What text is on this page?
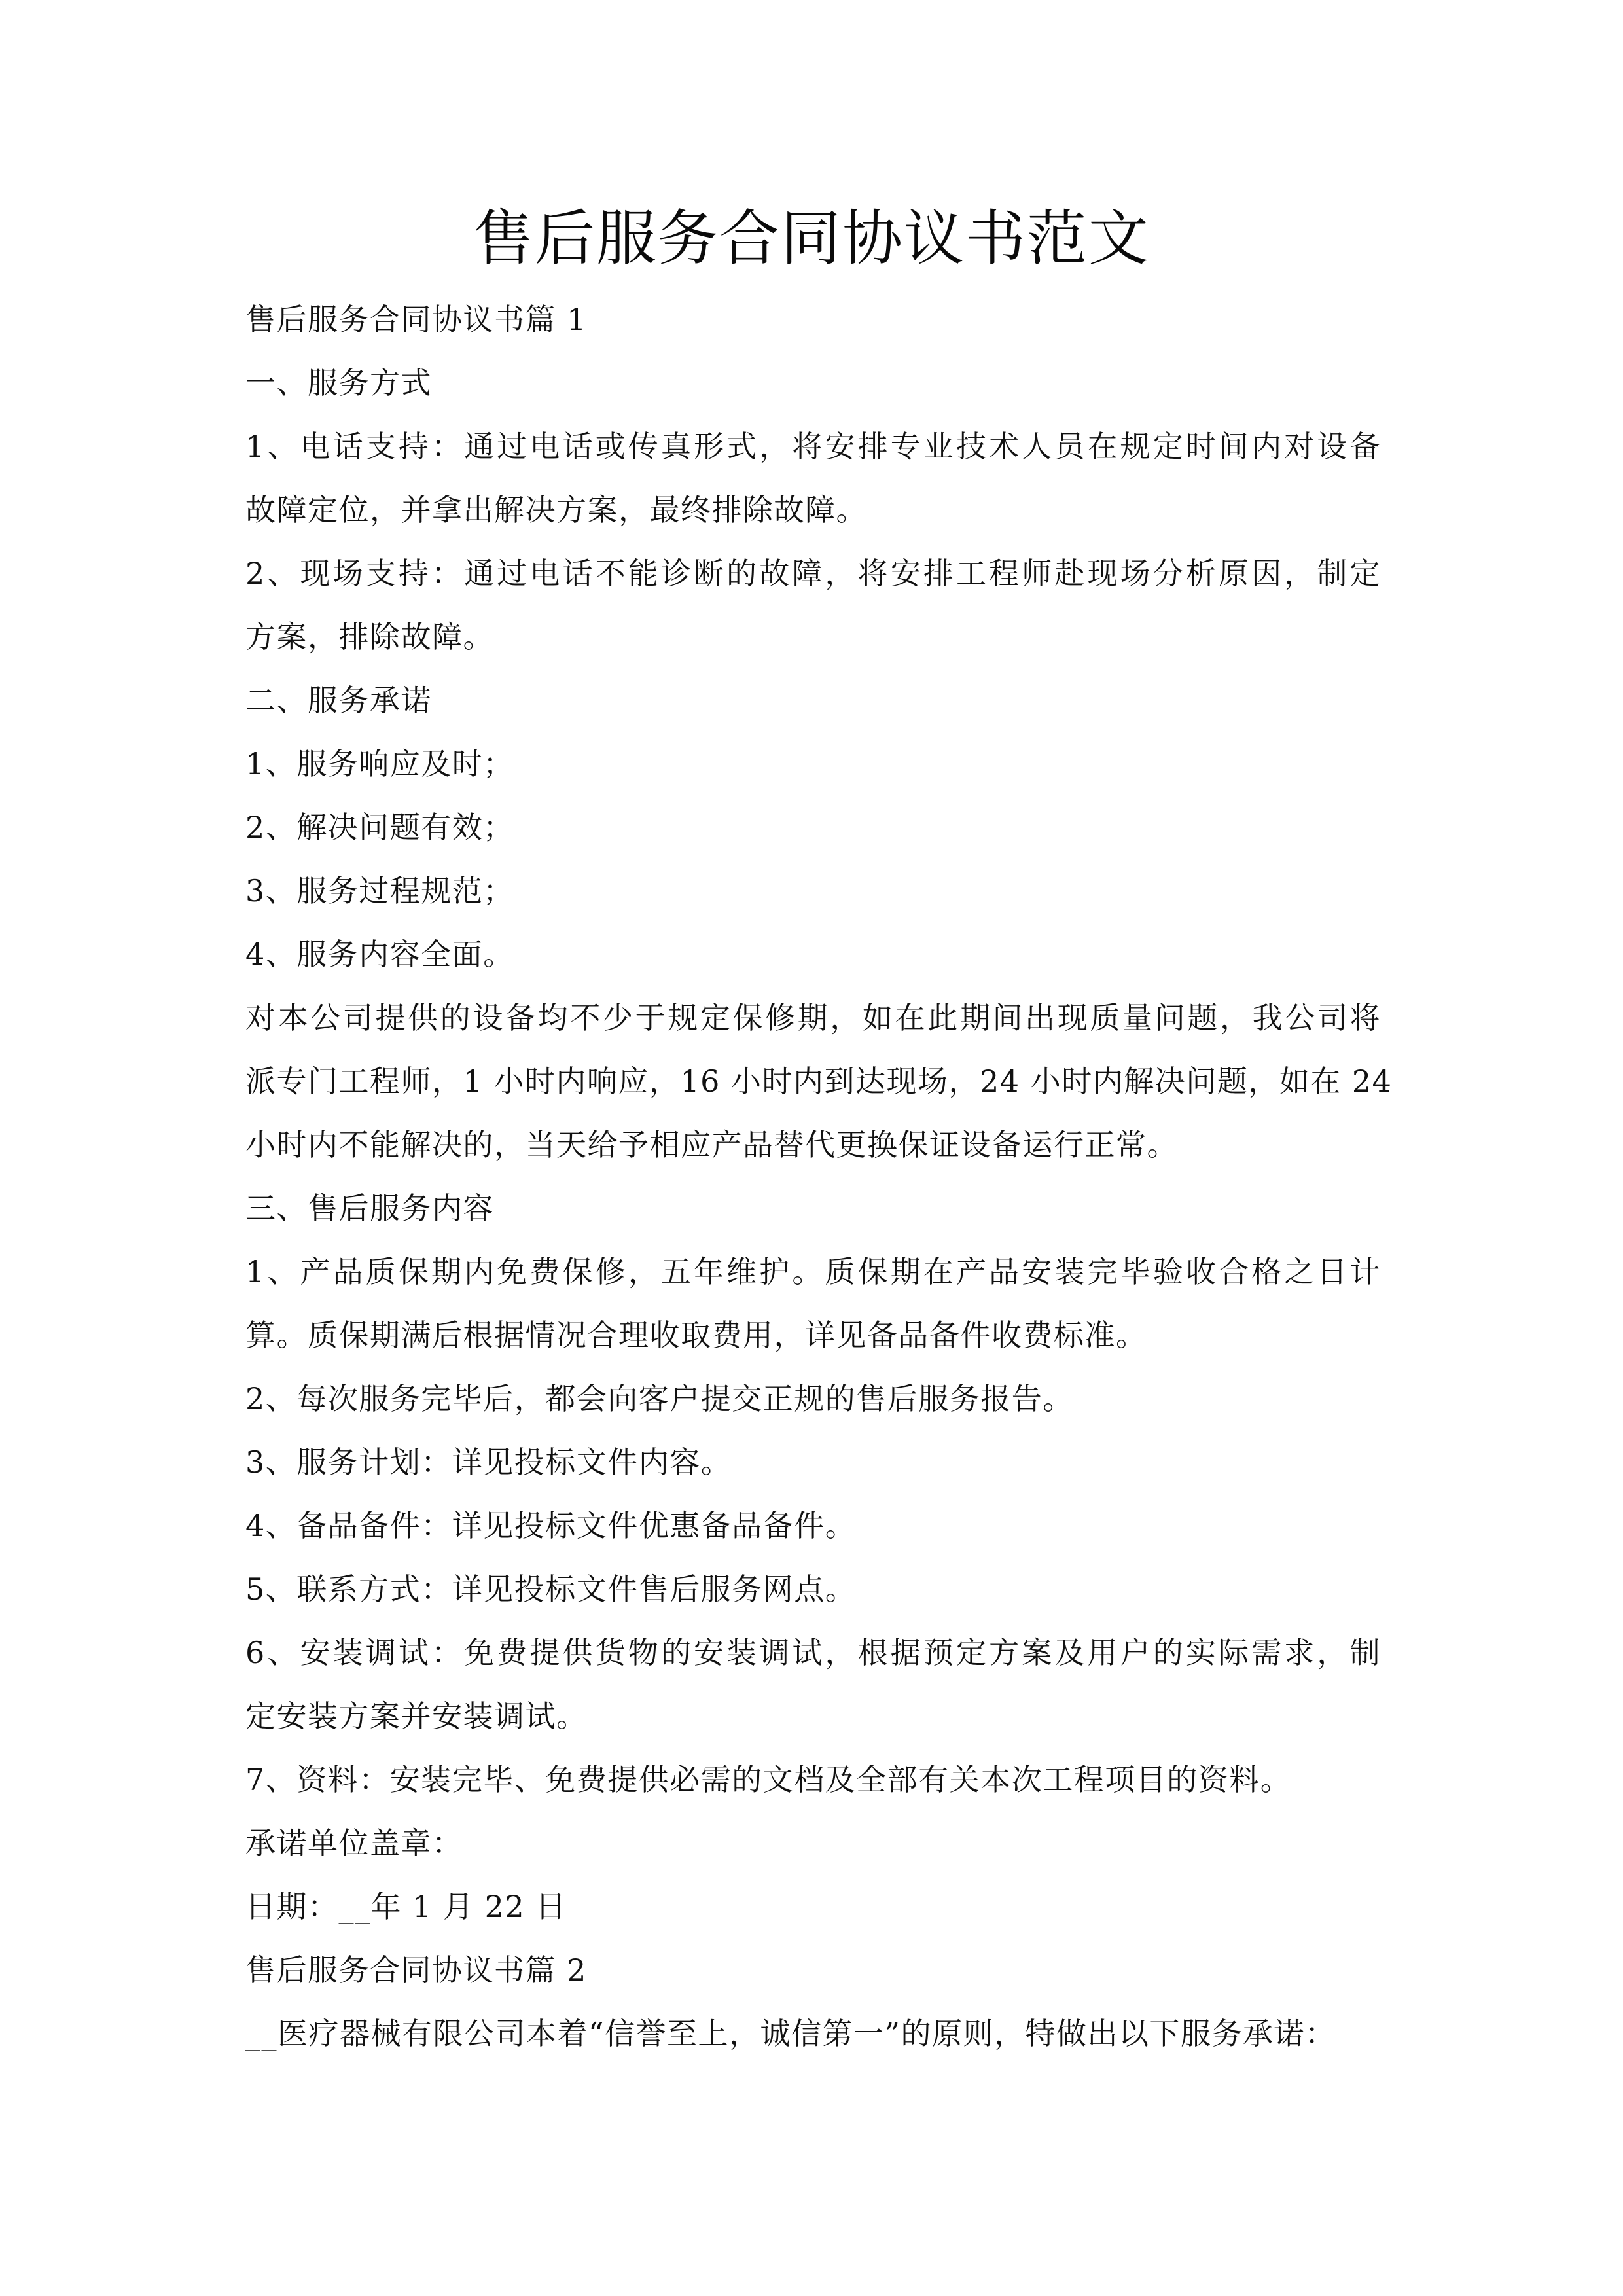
售后服务合同协议书范文
售后服务合同协议书篇 1
一、服务方式
1、电话支持：通过电话或传真形式，将安排专业技术人员在规定时间内对设备
故障定位，并拿出解决方案，最终排除故障。
2、现场支持：通过电话不能诊断的故障，将安排工程师赴现场分析原因，制定
方案，排除故障。
二、服务承诺
1、服务响应及时；
2、解决问题有效；
3、服务过程规范；
4、服务内容全面。
对本公司提供的设备均不少于规定保修期，如在此期间出现质量问题，我公司将
派专门工程师，1 小时内响应，16 小时内到达现场，24 小时内解决问题，如在 24
小时内不能解决的，当天给予相应产品替代更换保证设备运行正常。
三、售后服务内容
1、产品质保期内免费保修，五年维护。质保期在产品安装完毕验收合格之日计
算。质保期满后根据情况合理收取费用，详见备品备件收费标准。
2、每次服务完毕后，都会向客户提交正规的售后服务报告。
3、服务计划：详见投标文件内容。
4、备品备件：详见投标文件优惠备品备件。
5、联系方式：详见投标文件售后服务网点。
6、安装调试：免费提供货物的安装调试，根据预定方案及用户的实际需求，制
定安装方案并安装调试。
7、资料：安装完毕、免费提供必需的文档及全部有关本次工程项目的资料。
承诺单位盖章：
日期：__年 1 月 22 日
售后服务合同协议书篇 2
__医疗器械有限公司本着“信誉至上，诚信第一”的原则，特做出以下服务承诺：
